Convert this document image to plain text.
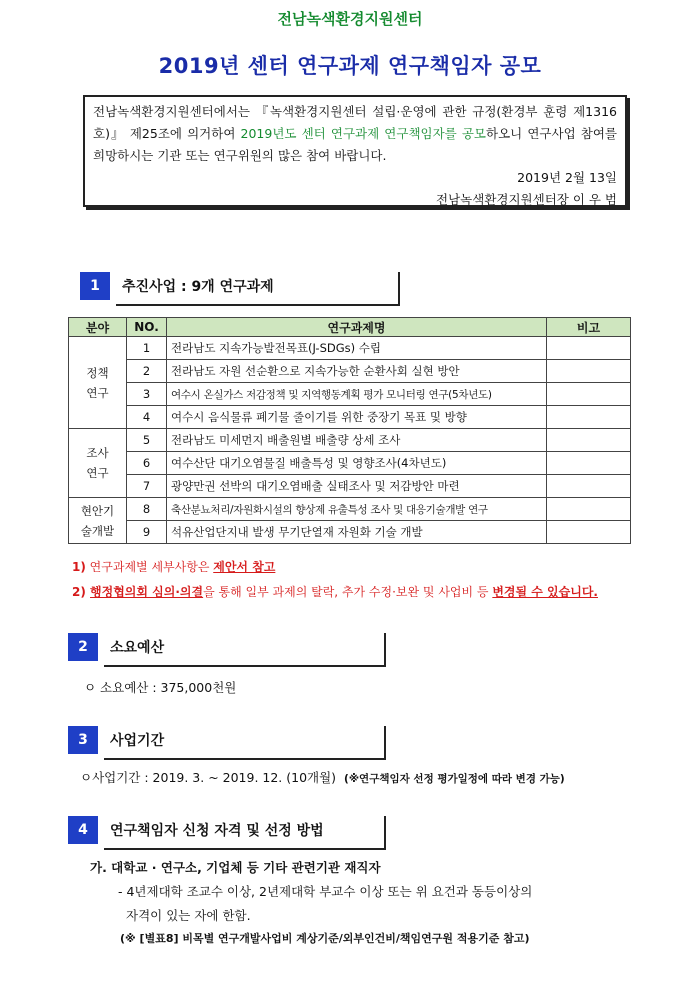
전남녹색환경지원센터
2019년 센터 연구과제 연구책임자 공모

전남녹색환경지원센터에서는 『녹색환경지원센터 설립·운영에 관한 규정(환경부 훈령 제1316호)』 제25조에 의거하여 2019년도 센터 연구과제 연구책임자를 공모하오니 연구사업 참여를 희망하시는 기관 또는 연구위원의 많은 참여 바랍니다.

2019년 2월 13일

전남녹색환경지원센터장 이 우 범

1	추진사업 : 9개 연구과제
분야	NO.	연구과제명	비고
정책
연구	1	전라남도 지속가능발전목표(J-SDGs) 수립	
	2	전라남도 자원 선순환으로 지속가능한 순환사회 실현 방안	
	3	여수시 온실가스 저감정책 및 지역행동계획 평가 모니터링 연구(5차년도)	
	4	여수시 음식물류 폐기물 줄이기를 위한 중장기 목표 및 방향	
조사
연구	5	전라남도 미세먼지 배출원별 배출량 상세 조사	
	6	여수산단 대기오염물질 배출특성 및 영향조사(4차년도)	
	7	광양만권 선박의 대기오염배출 실태조사 및 저감방안 마련	
현안기
술개발	8	축산분뇨처리/자원화시설의 향상제 유출특성 조사 및 대응기술개발 연구	
	9	석유산업단지내 발생 무기단열재 자원화 기술 개발	
1) 연구과제별 세부사항은 제안서 참고
2) 행정협의회 심의·의결을 통해 일부 과제의 탈락, 추가 수정·보완 및 사업비 등 변경될 수 있습니다.
2	소요예산
ㅇ 소요예산 : 375,000천원
3	사업기간
ㅇ사업기간 : 2019. 3. ~ 2019. 12. (10개월) (※연구책임자 선정 평가일정에 따라 변경 가능)
4	연구책임자 신청 자격 및 선정 방법
가. 대학교 · 연구소, 기업체 등 기타 관련기관 재직자
- 4년제대학 조교수 이상, 2년제대학 부교수 이상 또는 위 요건과 동등이상의
자격이 있는 자에 한함.
(※ [별표8] 비목별 연구개발사업비 계상기준/외부인건비/책임연구원 적용기준 참고)
